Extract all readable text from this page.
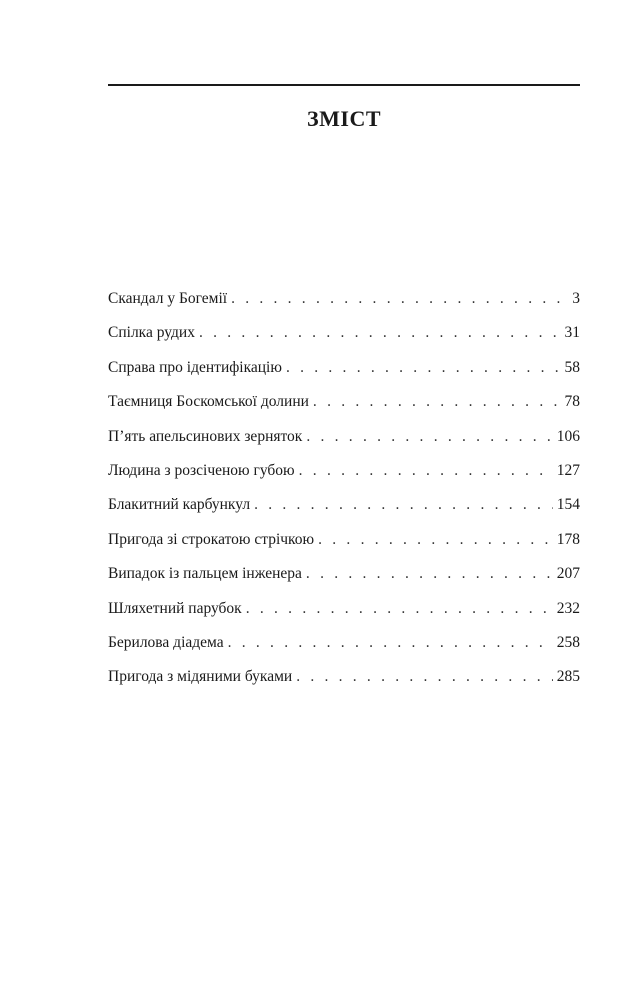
ЗМІСТ
Скандал у Богемії . . .	3
Спілка рудих . . .	31
Справа про ідентифікацію . . .	58
Таємниця Боскомської долини . . .	78
П’ять апельсинових зерняток . . .	106
Людина з розсіченою губою . . .	127
Блакитний карбункул . . .	154
Пригода зі строкатою стрічкою . . .	178
Випадок із пальцем інженера . . .	207
Шляхетний парубок . . .	232
Берилова діадема . . .	258
Пригода з мідяними буками . . .	285
